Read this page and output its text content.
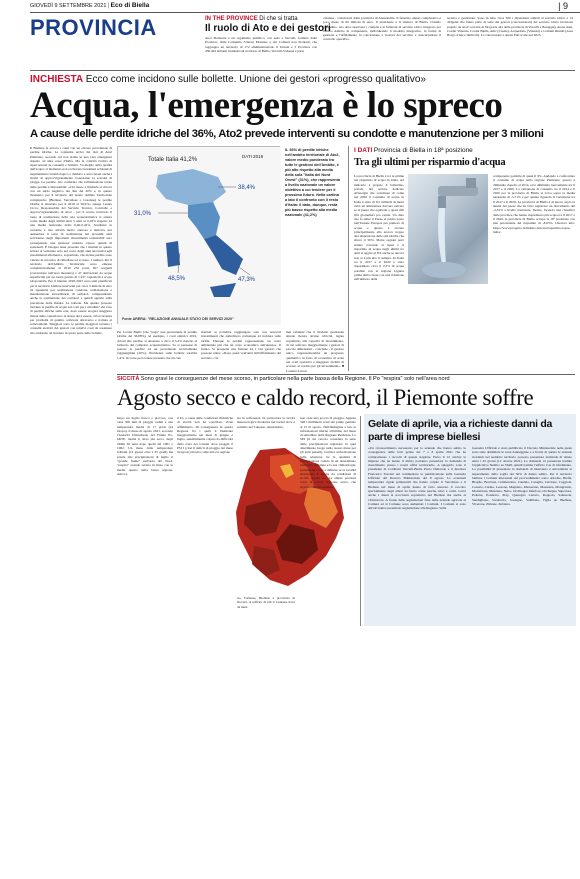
GIOVEDÌ 9 SETTEMBRE 2021 | Eco di Biella	| 9
PROVINCIA	IN THE PROVINCE Di che si tratta
Il ruolo di Ato e dei gestori
Ato2 Piemonte è un organismo pubblico, con sede a Vercelli, formato dalle Province, dalle Comunità /Unioni Montane e dai Comuni non montani, che raggruppa un territorio di 172 amministrazioni, 6 Unioni e 5 Province con 430.463 abitanti residenti sul territorio di Biella, Vercelli-Valsesia e parte
casalese - valorizzata dalla provincia di Alessandria. Il fatturato annuo complessivo è poco meno di 60 milioni di euro. Il presidente è il sindaco di Biella, Claudio Corradino. Ato deve assolvere i compiti e le funzioni di servizio idrico integrato per l'intero Ambito di competenza, individuando il modello integrativo, la forma di gestione e l'affidamento in concessione a Gestori del servizio e assicurandone il controllo operativo,
tecnico e gestionale. Sono in tutto circa 300 i dipendenti addetti al servizio idrico e 14 dirigenti che fanno parte di sette dei gestori (concessionari) del servizio idrico incaricati proprio da Ato2: si tratta di Sii (parte alta della provincia di Vercelli e Baraggia), Atena Asm, Cordar Valsesia, Cordar Biella, Amc (Casale), Acquedotto (Valenza) e Comuni Riuniti (Area Borgo d'Ale e limitrofi). La concessione a questi Enti scade nel 2023.
INCHIESTA Ecco come incidono sulle bollette. Unione dei gestori «progresso qualitativo»
Acqua, l'emergenza è lo spreco
A cause delle perdite idriche del 36%, Ato2 prevede interventi su condotte e manutenzione per 3 milioni
Il Biellese fa ancora i conti con un elevato percentuale di perdite idriche. La conferma arriva dai dati di Ato2 Piemonte, secondo cui non siamo in una vera emergenza rispetto ad altre zone d'Italia. Ma la criticità rischia di ripercuotersi su consumi e bollette. Va meglio sulla qualità dell'acqua: al momento non si rilevano fenomeni eclatanti di inquinamento batteriologico o chimico e sono buoni anche i livelli di approvvigionamento nonostante la scarsità di piogge. Le perdite. Ato conferma che l'eliminazione totale delle perdite è impossibile: «Chi riesce a limitarle si ritrova con un saldo negativo dei dati del 20% e, in questo momento, per il territorio del nostro Ambito Territoriale complessivo (Biellese, Vercellese e Casalese) le perdite idriche si attestano per il 2019 al 36,9%» spiega Cesare Cicco, Responsabile del Servizio Tecnico, Controllo e Approvvigionamento di Ato2 - per il nostro territorio il tasso di sostituzione della rete acquedottistica si attesta come media degli ultimi anni 5 anni al 0,18% rispetto ad una media nazionale dello 0,40-0,42%. Sostituire le condotte è una attività molto onerosa e delicata, per aumentare il tasso di sostituzione nei prossimi anni serviranno degli importanti investimenti realizzabili solo proseguendo una gestione unitaria capace quindi di sostenerli. È bisogna tener presente che i risultati in questo settore si vedranno solo nel corso degli anni successivi agli investimenti effettuati e, soprattutto, che alcune perdite sono vizzate in un'ottica di rimediare ad eccesso. I numeri. Per il territorio dell'Ambito Territoriale sono emesse complessivamente al 2019 233 posti, 957 sorgenti (concentrate nell'area montana) e 47 derivazioni da acque superficiali per un totale gestito di 1.237 captazioni a scopo idropotabile. Per il triennio 2020-2023 sono stati pianificati per il territorio biellese interventi per circa 3 milioni di euro da spendersi per sostituzione condotte, realizzazione e manutenzione straordinarie di serbatoi, comprendendo anche la sostituzione dei contatori e quindi agendo sulla precisione della misura. Le bollette. Ma quanto possono incidere le perdite di acqua sui costi per i cittadini? «In caso di perdite idriche sulla rete, deve essere erogata maggiore massa dalle captazioni e la stessa deve essere, all'occorrenza per problemi di qualità, sollevata attraverso e trattata ai sollevamenti. Maggiori sono le perdite maggiori saranno i consumi elettrici dei gestori con relativi costi da sostenere che andranno ad incidere in quota parte sulle bollette.
Totale Italia 41,2%
DATI 2019
38,4%
31,0%
48,5%	47,3%
Fonte ARERA: "RELAZIONE ANNUALE STATO DEI SERVIZI 2020"
IL 36% di perdite idriche nell'ambito territoriale di Ato2, valore medio ponderato tra tutte le gestioni dell'Ambito, è più alto rispetto alla media della sola "Italia del Nord Ovest" (31%), che rappresenta a livello nazionale un valore obiettivo a cui tendere per il prossimo futuro. Nella cartina a lato il confronto con il resto d'Italia: il dato, dunque, resta più basso rispetto alla media nazionale (41,2%)
Per Cordar Biella (che "paga" una percentuale di perdite idriche del 36,88%), ad esempio, i costi elettrici 2019, dovuti alle perdite, si attestano a circa il 5,4% rispetto al fatturato del comparto acquedottistico. Se si pensasse di portare le perdite ad un percentuale tecnicamente raggiungibile (20%), l'incidenza sulle bollette sarebbe 1,4%. Occorre però tenere presente che un calo
risultati si potrebbe raggiungere solo con notevoli investimenti che andrebbero comunque ad incidere sulle tariffe. Dunque le perdite rappresentano un costo ambientale più che un costo economico sull'utenza». Il futuro. Si prospetta una fusione tra i vari gestori che possono unire: «Dopo quasi vent'anni dall'affidamento del servizio, con
mai evidente che il modello gestionale attuale mostra alcune criticità, legate soprattutto alle capacità di investimento, di cui soffrono maggiormente i gestori di piccole dimensioni - conclude - il gestore unico rappresenterebbe un progresso qualitativo in fatto di economia di scala nei costi operativi e maggiore facilità di accesso al credito per gli investimenti». ■ Lorenzo Lucon
I DATI Provincia di Biella in 18ª posizione
Tra gli ultimi per risparmio d'acqua
La provincia di Biella è tra le ultime nel risparmio di acqua in Italia. Ad indicarlo è proprio il bollettino, portale del settore dedicato all'energia che sottolinea di come nel 2020 il consumo di acqua in Italia è stato di 9,5 miliardi di metri cubi, un ammontare davvero elevato se si pensa che equivale a quasi 450 litri giornalieri pro capite. Un dato che fa salire il Paese al primo posto nell'Unione Europea per prelievo di acqua e questo è dovuto principalmente alla ancora troppo alta dispersione delle reti idriche che sfiora il 50%. Molte regioni però stanno correndo ai ripari e il risparmio di acqua negli ultimi tre anni si aggira al 9% anche se ancora non si è più alto il sempre. In Italia tra il 2017 e il 2020 è stato risparmiato circa il 2,3% di acqua potabile con la regione Liguria prima della classe con una riduzione nell'utilizzo della
componente potabile di quasi il 9%. Andando a confrontare il consumo di acqua nella regione Piemonte, questo è diminuito rispetto al 2014, ed è diminuito nuovamente tra il 2017 e il 2020. La variazione di consumo tra il 2014 e il 2020 per la provincia di Biella si trova sopra la media nazionale di -5,71% e per quanto riguarda la variazione tra il 2017 e il 2020. La provincia di Biella è di nuovo sopra la media del paese che ha fatto registrare un decremento del -2,32% a livello nazionale. Inoltre, facendo una classifica delle province che hanno risparmiato più acqua tra il 2017 e il 2020, la provincia di Biella occupa la 18ª posizione con una percentuale del risparmio di -8,63%. Ulteriori info: https://www.progetto-bollettino.it/news/risparmio-acqua-italia/.
SICCITÀ Sono gravi le conseguenze del mese scorso, in particolare nella parte bassa della Regione. Il Po "respira" solo nell'area nord
Agosto secco e caldo record, il Piemonte soffre
Dopo un luglio fresco e piovoso, con oltre 300 mm di pioggia caduti e una temperatura media di 17 gradi (ad Oropa), il mese di agosto 2021, secondo l'Autorità Distrettuale del Fiume Po-MiTE, risulta il terzo più secco degli ultimi 65 anni dopo quelli del 1961 e 1962. Un mese dalle temperature bollenti (12 giorni oltre i 35 gradi) ma grazie alle precipitazioni di luglio il "grande fiume" nell'area del Nord, "respira" avendo seriato in linea con le medie questo nella bassa regione. Altrove
il Po, a causa delle condizioni climatiche di siccità non ha conciliato alcun affluimento. Di conseguenza in questa Regione fra i quali il Piemonte maggiormente nei mesi di giugno e luglio, sensibilmente colpito da difficoltà della zona dei torrenti dove pioggia il PSI I (cioè il deficit di pioggia del mese di agosto) mostra come tutta la regione
sia in sofferenza. In particolare la siccità meteorologica moderata nei bacini dove è estremo nel Cuneese, Alessandria,
no, Torinese, Biellese e provincia di Novara. A soffrire di più il Cuneese dove da mesi
non cade una goccia di pioggia. Appena 328 i millimetri scesi dal primo gennaio al 15 di agosto. Nell'immagine a lato le informazioni riferite all'ultimo del mese di settembre della Regione Piemonte. Lo SPI (il cui calcolo considera la serie delle precipitazioni registrate in quel determinato luogo nello stesso mese per gli anni passati), fornisce un'indicazione sulla relazione tra la quantità di precipitazione caduta in un determinato intervallo di tempo e la sua climatologia, permettendo così a definire se la località monitorata è affetta da condizioni di siccità oppure no. Le ampie porzioni rosse di colore marrone scuro, che significa siccità estrema.
Gelate di aprile, via a richieste danni da parte di imprese biellesi
«Un riconoscimento necessario per le aziende che hanno subito le conseguenze delle forti gelate del 7 e 8 aprile 2021 che ha compromesso i raccolti di questa stagione. Entro il 12 ottobre le imprese che ne hanno il diritto potranno presentare la domanda di risarcimento presso i nostri uffici territoriali». A spiegarlo sono il presidente di Coldiretti Vercelli-Biella Paolo Dellarole e il direttore Francesca Toscani nel commentare la pubblicazione sulla Gazzetta Ufficiale del Decreto Ministeriale del 8 agosto. Le eventuali temperature rigide primaverili che hanno colpito il Vercellese e il Biellese nel mese di aprile hanno di fatto azzerato il raccolto specialmente degli alberi da frutto come pesche, kiwi e cachi. Gravi anche i danni ai noccioleti soprattutto nel Biellese ma anche ai vitivinicole. A fronte delle segnalazioni fatte dalle aziende agricole ai Comuni ad al Comune sono aumentati i Comuni. I Comuni si sono attivati hanno presentato segnalazione alla Regione. Sulla
Gazzetta Ufficiale è stato pubblicato il Decreto Ministeriale nella quale sono state delimitate le zone danneggiate e a fronte di questo le aziende ricadenti nel suddetto territorio possono presentare domanda di danno entro i 45 giorni (12 ottobre 2021). La domanda va presentata tramite l'applicativo Nembo su SIAP, quindi tramite l'ufficio Caa di riferimento. La possibilità di presentare la domanda di intervento è subordinata al superamento della soglia del 30% di danno subito. Per il territorio biellese i Comuni interessati dal provvedimento sono: Ailoche, Biella, Bioglio, Borriana, Camburzano, Candelo, Caraglia, Cerrione, Coggiola, Cossato, Curino, Lessona, Magnano, Masserano, Massazza, Mongrando, Mottalciata, Muzzano, Netro, Occhieppo Inferiore, Occhieppo Superiore, Pollone, Pondetro, Pray, Quaregna Cerreto, Roppolo, Salussola, Sandigliano, Sordevolo, Sostegno, Valdilana, Viglia no Biellese, Viverone, Zimone, Zubiena.
